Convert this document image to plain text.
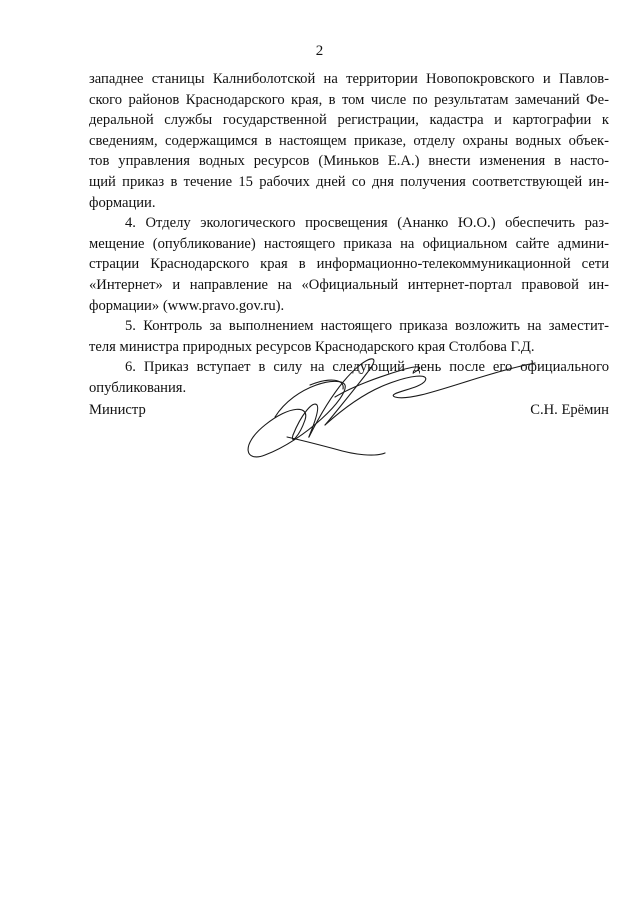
2
западнее станицы Калниболотской на территории Новопокровского и Павлов-
ского районов Краснодарского края, в том числе по результатам замечаний Фе-
деральной службы государственной регистрации, кадастра и картографии к
сведениям, содержащимся в настоящем приказе, отделу охраны водных объек-
тов управления водных ресурсов (Миньков Е.А.) внести изменения в насто-
щий приказ в течение 15 рабочих дней со дня получения соответствующей ин-
формации.
4. Отделу экологического просвещения (Ананко Ю.О.) обеспечить раз-
мещение (опубликование) настоящего приказа на официальном сайте админи-
страции Краснодарского края в информационно-телекоммуникационной сети
«Интернет» и направление на «Официальный интернет-портал правовой ин-
формации» (www.pravo.gov.ru).
5. Контроль за выполнением настоящего приказа возложить на заместит-
теля министра природных ресурсов Краснодарского края Столбова Г.Д.
6. Приказ вступает в силу на следующий день после его официального
опубликования.
Министр	С.Н. Ерёмин
